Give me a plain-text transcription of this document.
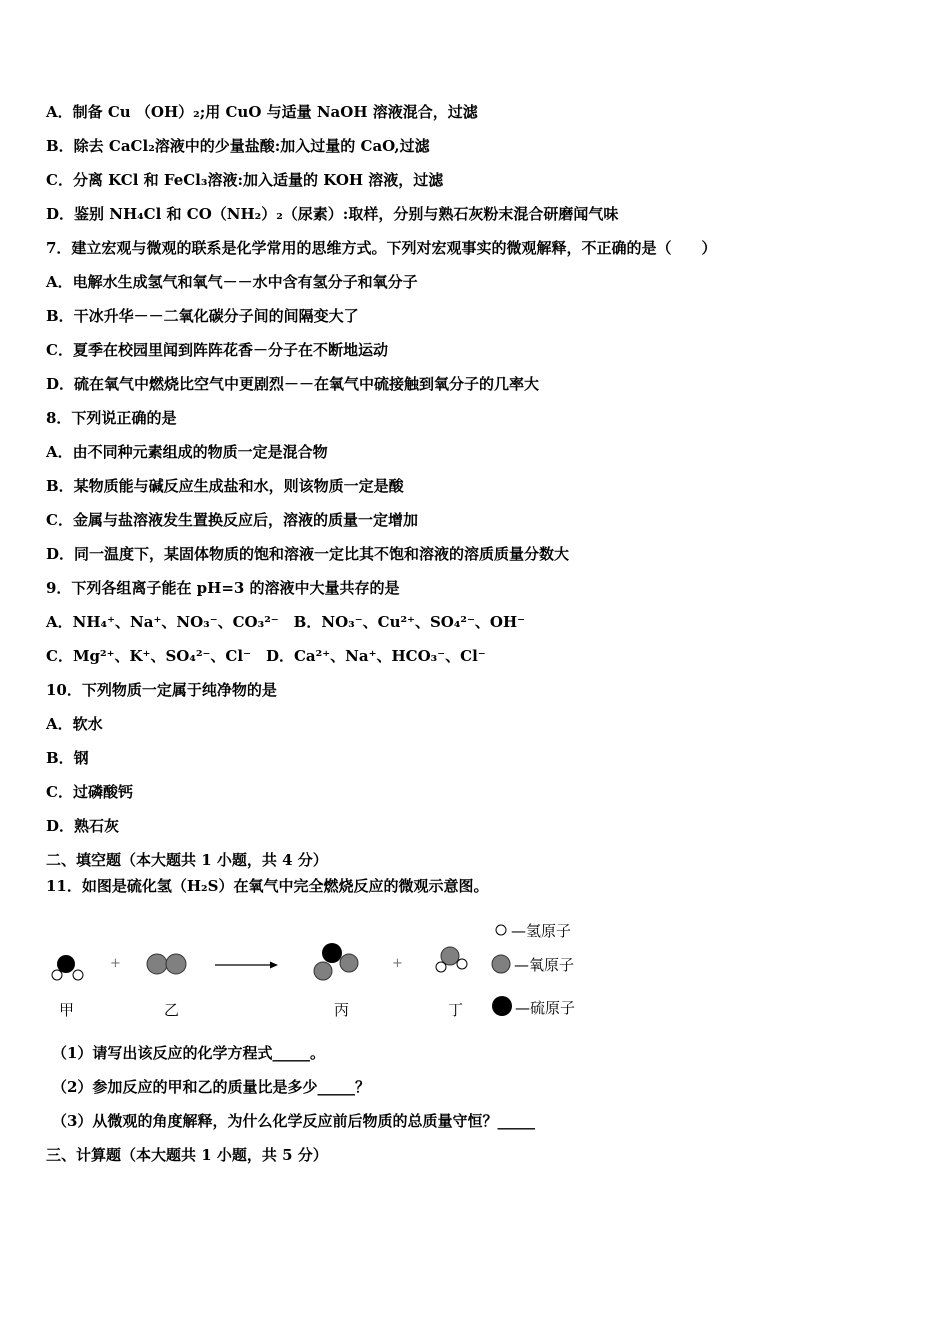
A．制备 Cu （OH）₂;用 CuO 与适量 NaOH 溶液混合，过滤
B．除去 CaCl₂溶液中的少量盐酸:加入过量的 CaO,过滤
C．分离 KCl 和 FeCl₃溶液:加入适量的 KOH 溶液，过滤
D．鉴别 NH₄Cl 和 CO（NH₂）₂（尿素）:取样，分别与熟石灰粉末混合研磨闻气味
7．建立宏观与微观的联系是化学常用的思维方式。下列对宏观事实的微观解释，不正确的是（　　）
A．电解水生成氢气和氧气－－水中含有氢分子和氧分子
B．干冰升华－－二氧化碳分子间的间隔变大了
C．夏季在校园里闻到阵阵花香－分子在不断地运动
D．硫在氧气中燃烧比空气中更剧烈－－在氧气中硫接触到氧分子的几率大
8．下列说正确的是
A．由不同种元素组成的物质一定是混合物
B．某物质能与碱反应生成盐和水，则该物质一定是酸
C．金属与盐溶液发生置换反应后，溶液的质量一定增加
D．同一温度下，某固体物质的饱和溶液一定比其不饱和溶液的溶质质量分数大
9．下列各组离子能在 pH=3 的溶液中大量共存的是
A．NH₄⁺、Na⁺、NO₃⁻、CO₃²⁻　B．NO₃⁻、Cu²⁺、SO₄²⁻、OH⁻
C．Mg²⁺、K⁺、SO₄²⁻、Cl⁻　D．Ca²⁺、Na⁺、HCO₃⁻、Cl⁻
10．下列物质一定属于纯净物的是
A．软水
B．钢
C．过磷酸钙
D．熟石灰
二、填空题（本大题共 1 小题，共 4 分）
11．如图是硫化氢（H₂S）在氧气中完全燃烧反应的微观示意图。
+	+
甲	乙	丙	丁
—氢原子
—氧原子
—硫原子
（1）请写出该反应的化学方程式_____。
（2）参加反应的甲和乙的质量比是多少_____？
（3）从微观的角度解释，为什么化学反应前后物质的总质量守恒？_____
三、计算题（本大题共 1 小题，共 5 分）
